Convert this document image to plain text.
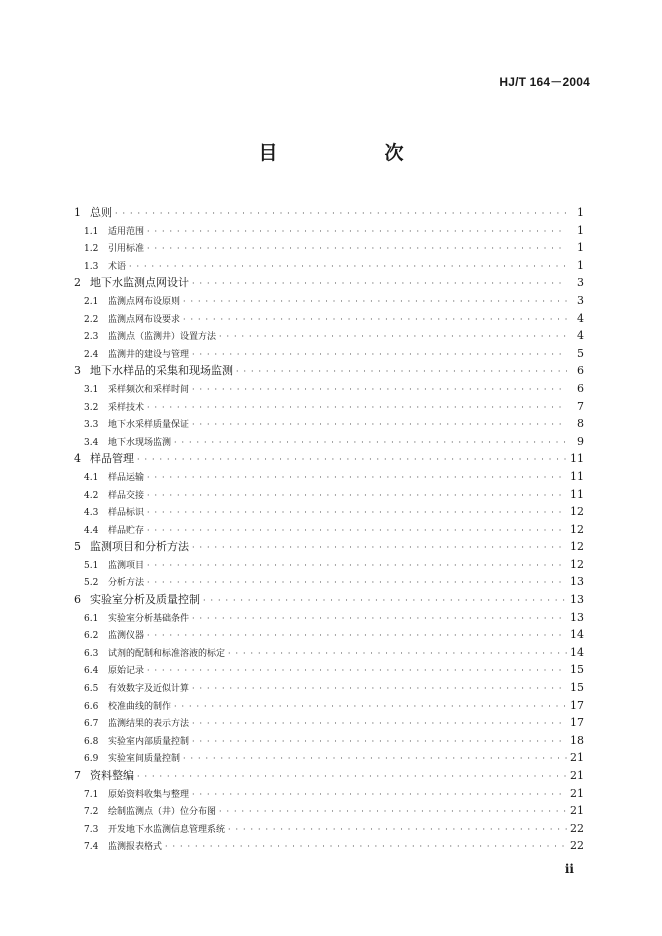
HJ/T 164－2004
目　次
1 总则 · · ·	1
1.1	适用范围 · · ·	1
1.2	引用标准 · · ·	1
1.3	术语 · · ·	1
2 地下水监测点网设计 · · ·	3
2.1	监测点网布设原则 · · ·	3
2.2	监测点网布设要求 · · ·	4
2.3	监测点（监测井）设置方法 · · ·	4
2.4	监测井的建设与管理 · · ·	5
3 地下水样品的采集和现场监测 · · ·	6
3.1	采样频次和采样时间 · · ·	6
3.2	采样技术 · · ·	7
3.3	地下水采样质量保证 · · ·	8
3.4	地下水现场监测 · · ·	9
4 样品管理 · · ·	11
4.1	样品运输 · · ·	11
4.2	样品交接 · · ·	11
4.3	样品标识 · · ·	12
4.4	样品贮存 · · ·	12
5 监测项目和分析方法 · · ·	12
5.1	监测项目 · · ·	12
5.2	分析方法 · · ·	13
6 实验室分析及质量控制 · · ·	13
6.1	实验室分析基础条件 · · ·	13
6.2	监测仪器 · · ·	14
6.3	试剂的配制和标准溶液的标定 · · ·	14
6.4	原始记录 · · ·	15
6.5	有效数字及近似计算 · · ·	15
6.6	校准曲线的制作 · · ·	17
6.7	监测结果的表示方法 · · ·	17
6.8	实验室内部质量控制 · · ·	18
6.9	实验室间质量控制 · · ·	21
7 资料整编 · · ·	21
7.1	原始资料收集与整理 · · ·	21
7.2	绘制监测点（井）位分布图 · · ·	21
7.3	开发地下水监测信息管理系统 · · ·	22
7.4	监测报表格式 · · ·	22
ii
